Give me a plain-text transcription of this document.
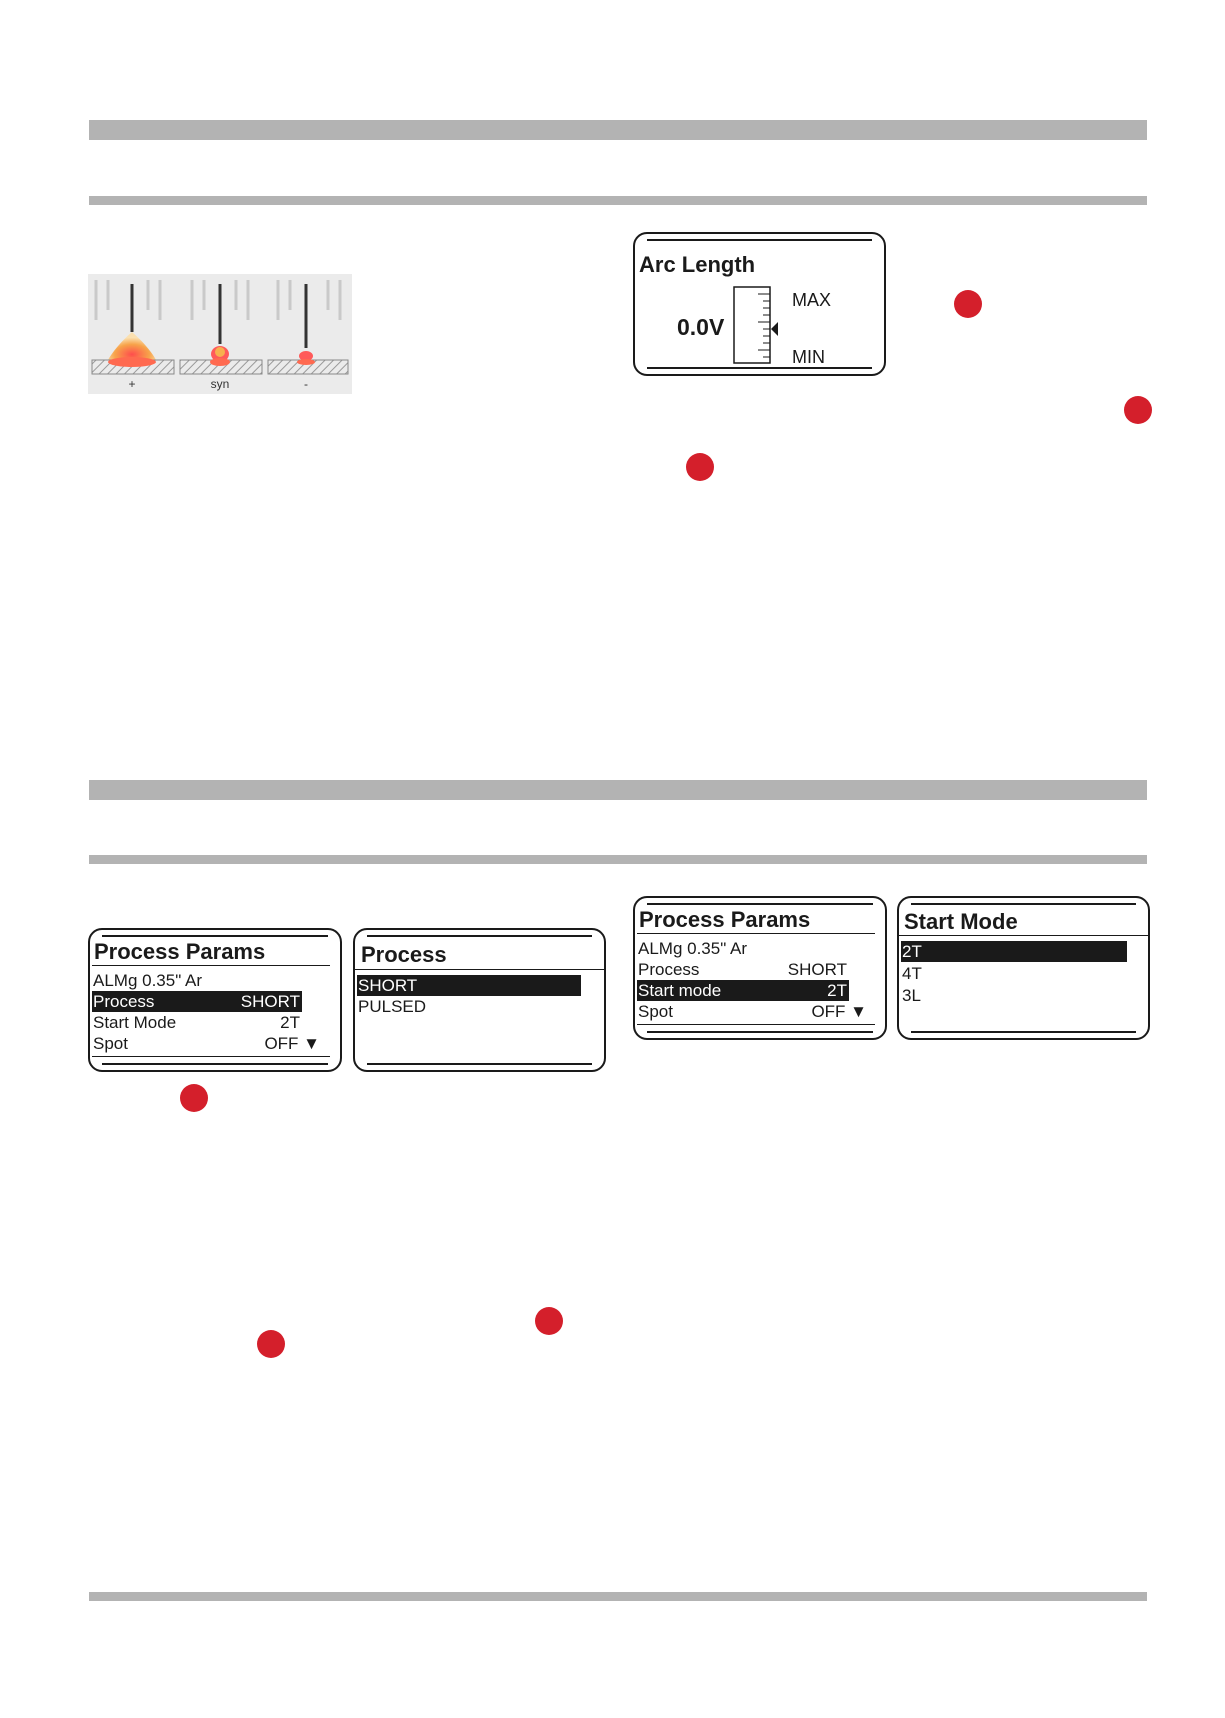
+	syn	-
Arc Length
0.0V
MAX
MIN
Process Params
ALMg 0.35" Ar
Process	SHORT
Start Mode	2T
Spot	OFF ▼
Process
SHORT
PULSED
Process Params
ALMg 0.35" Ar
Process	SHORT
Start mode	2T
Spot	OFF ▼
Start Mode
2T
4T
3L
